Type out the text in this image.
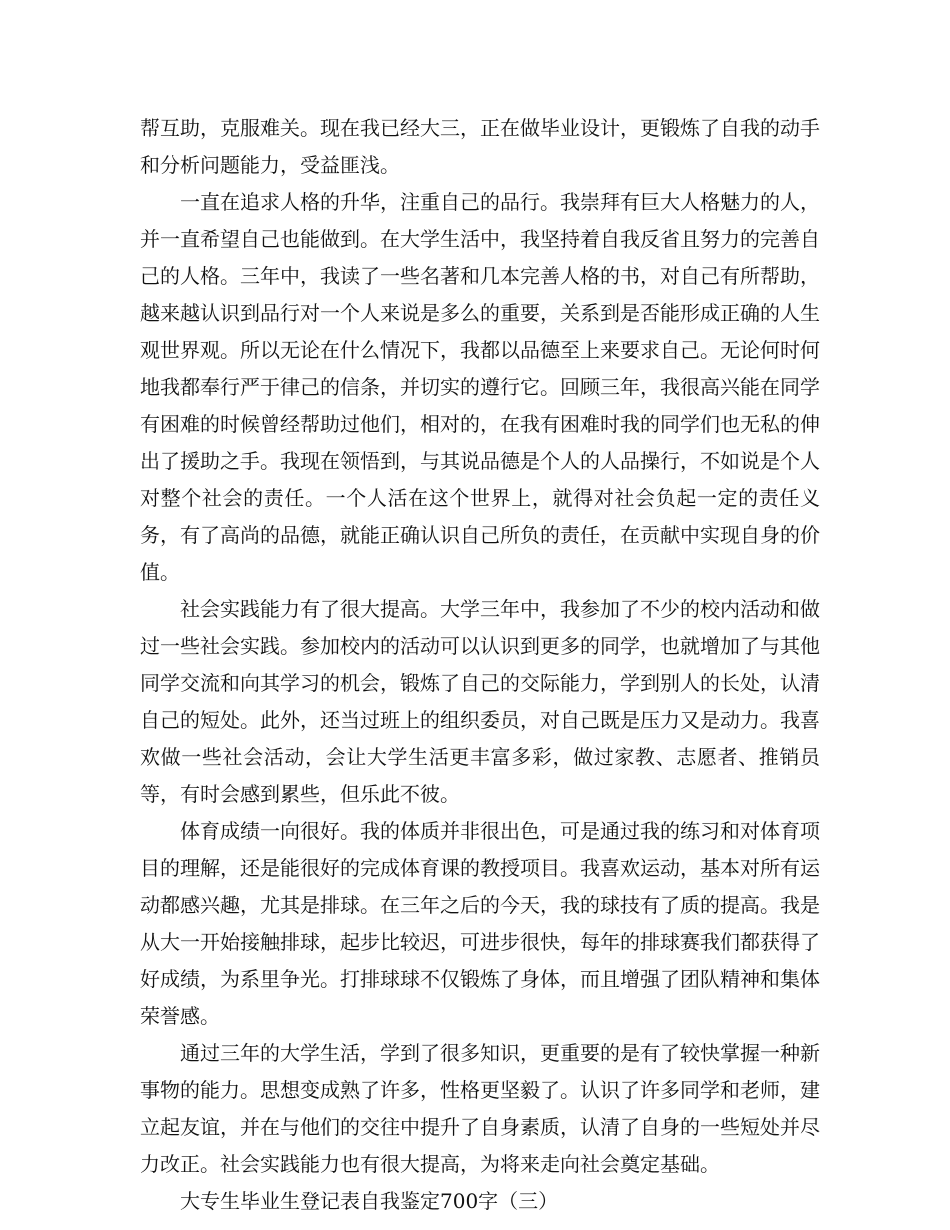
帮互助，克服难关。现在我已经大三，正在做毕业设计，更锻炼了自我的动手和分析问题能力，受益匪浅。

一直在追求人格的升华，注重自己的品行。我崇拜有巨大人格魅力的人，并一直希望自己也能做到。在大学生活中，我坚持着自我反省且努力的完善自己的人格。三年中，我读了一些名著和几本完善人格的书，对自己有所帮助，越来越认识到品行对一个人来说是多么的重要，关系到是否能形成正确的人生观世界观。所以无论在什么情况下，我都以品德至上来要求自己。无论何时何地我都奉行严于律己的信条，并切实的遵行它。回顾三年，我很高兴能在同学有困难的时候曾经帮助过他们，相对的，在我有困难时我的同学们也无私的伸出了援助之手。我现在领悟到，与其说品德是个人的人品操行，不如说是个人对整个社会的责任。一个人活在这个世界上，就得对社会负起一定的责任义务，有了高尚的品德，就能正确认识自己所负的责任，在贡献中实现自身的价值。

社会实践能力有了很大提高。大学三年中，我参加了不少的校内活动和做过一些社会实践。参加校内的活动可以认识到更多的同学，也就增加了与其他同学交流和向其学习的机会，锻炼了自己的交际能力，学到别人的长处，认清自己的短处。此外，还当过班上的组织委员，对自己既是压力又是动力。我喜欢做一些社会活动，会让大学生活更丰富多彩，做过家教、志愿者、推销员等，有时会感到累些，但乐此不彼。

体育成绩一向很好。我的体质并非很出色，可是通过我的练习和对体育项目的理解，还是能很好的完成体育课的教授项目。我喜欢运动，基本对所有运动都感兴趣，尤其是排球。在三年之后的今天，我的球技有了质的提高。我是从大一开始接触排球，起步比较迟，可进步很快，每年的排球赛我们都获得了好成绩，为系里争光。打排球球不仅锻炼了身体，而且增强了团队精神和集体荣誉感。

通过三年的大学生活，学到了很多知识，更重要的是有了较快掌握一种新事物的能力。思想变成熟了许多，性格更坚毅了。认识了许多同学和老师，建立起友谊，并在与他们的交往中提升了自身素质，认清了自身的一些短处并尽力改正。社会实践能力也有很大提高，为将来走向社会奠定基础。

大专生毕业生登记表自我鉴定700字（三）
